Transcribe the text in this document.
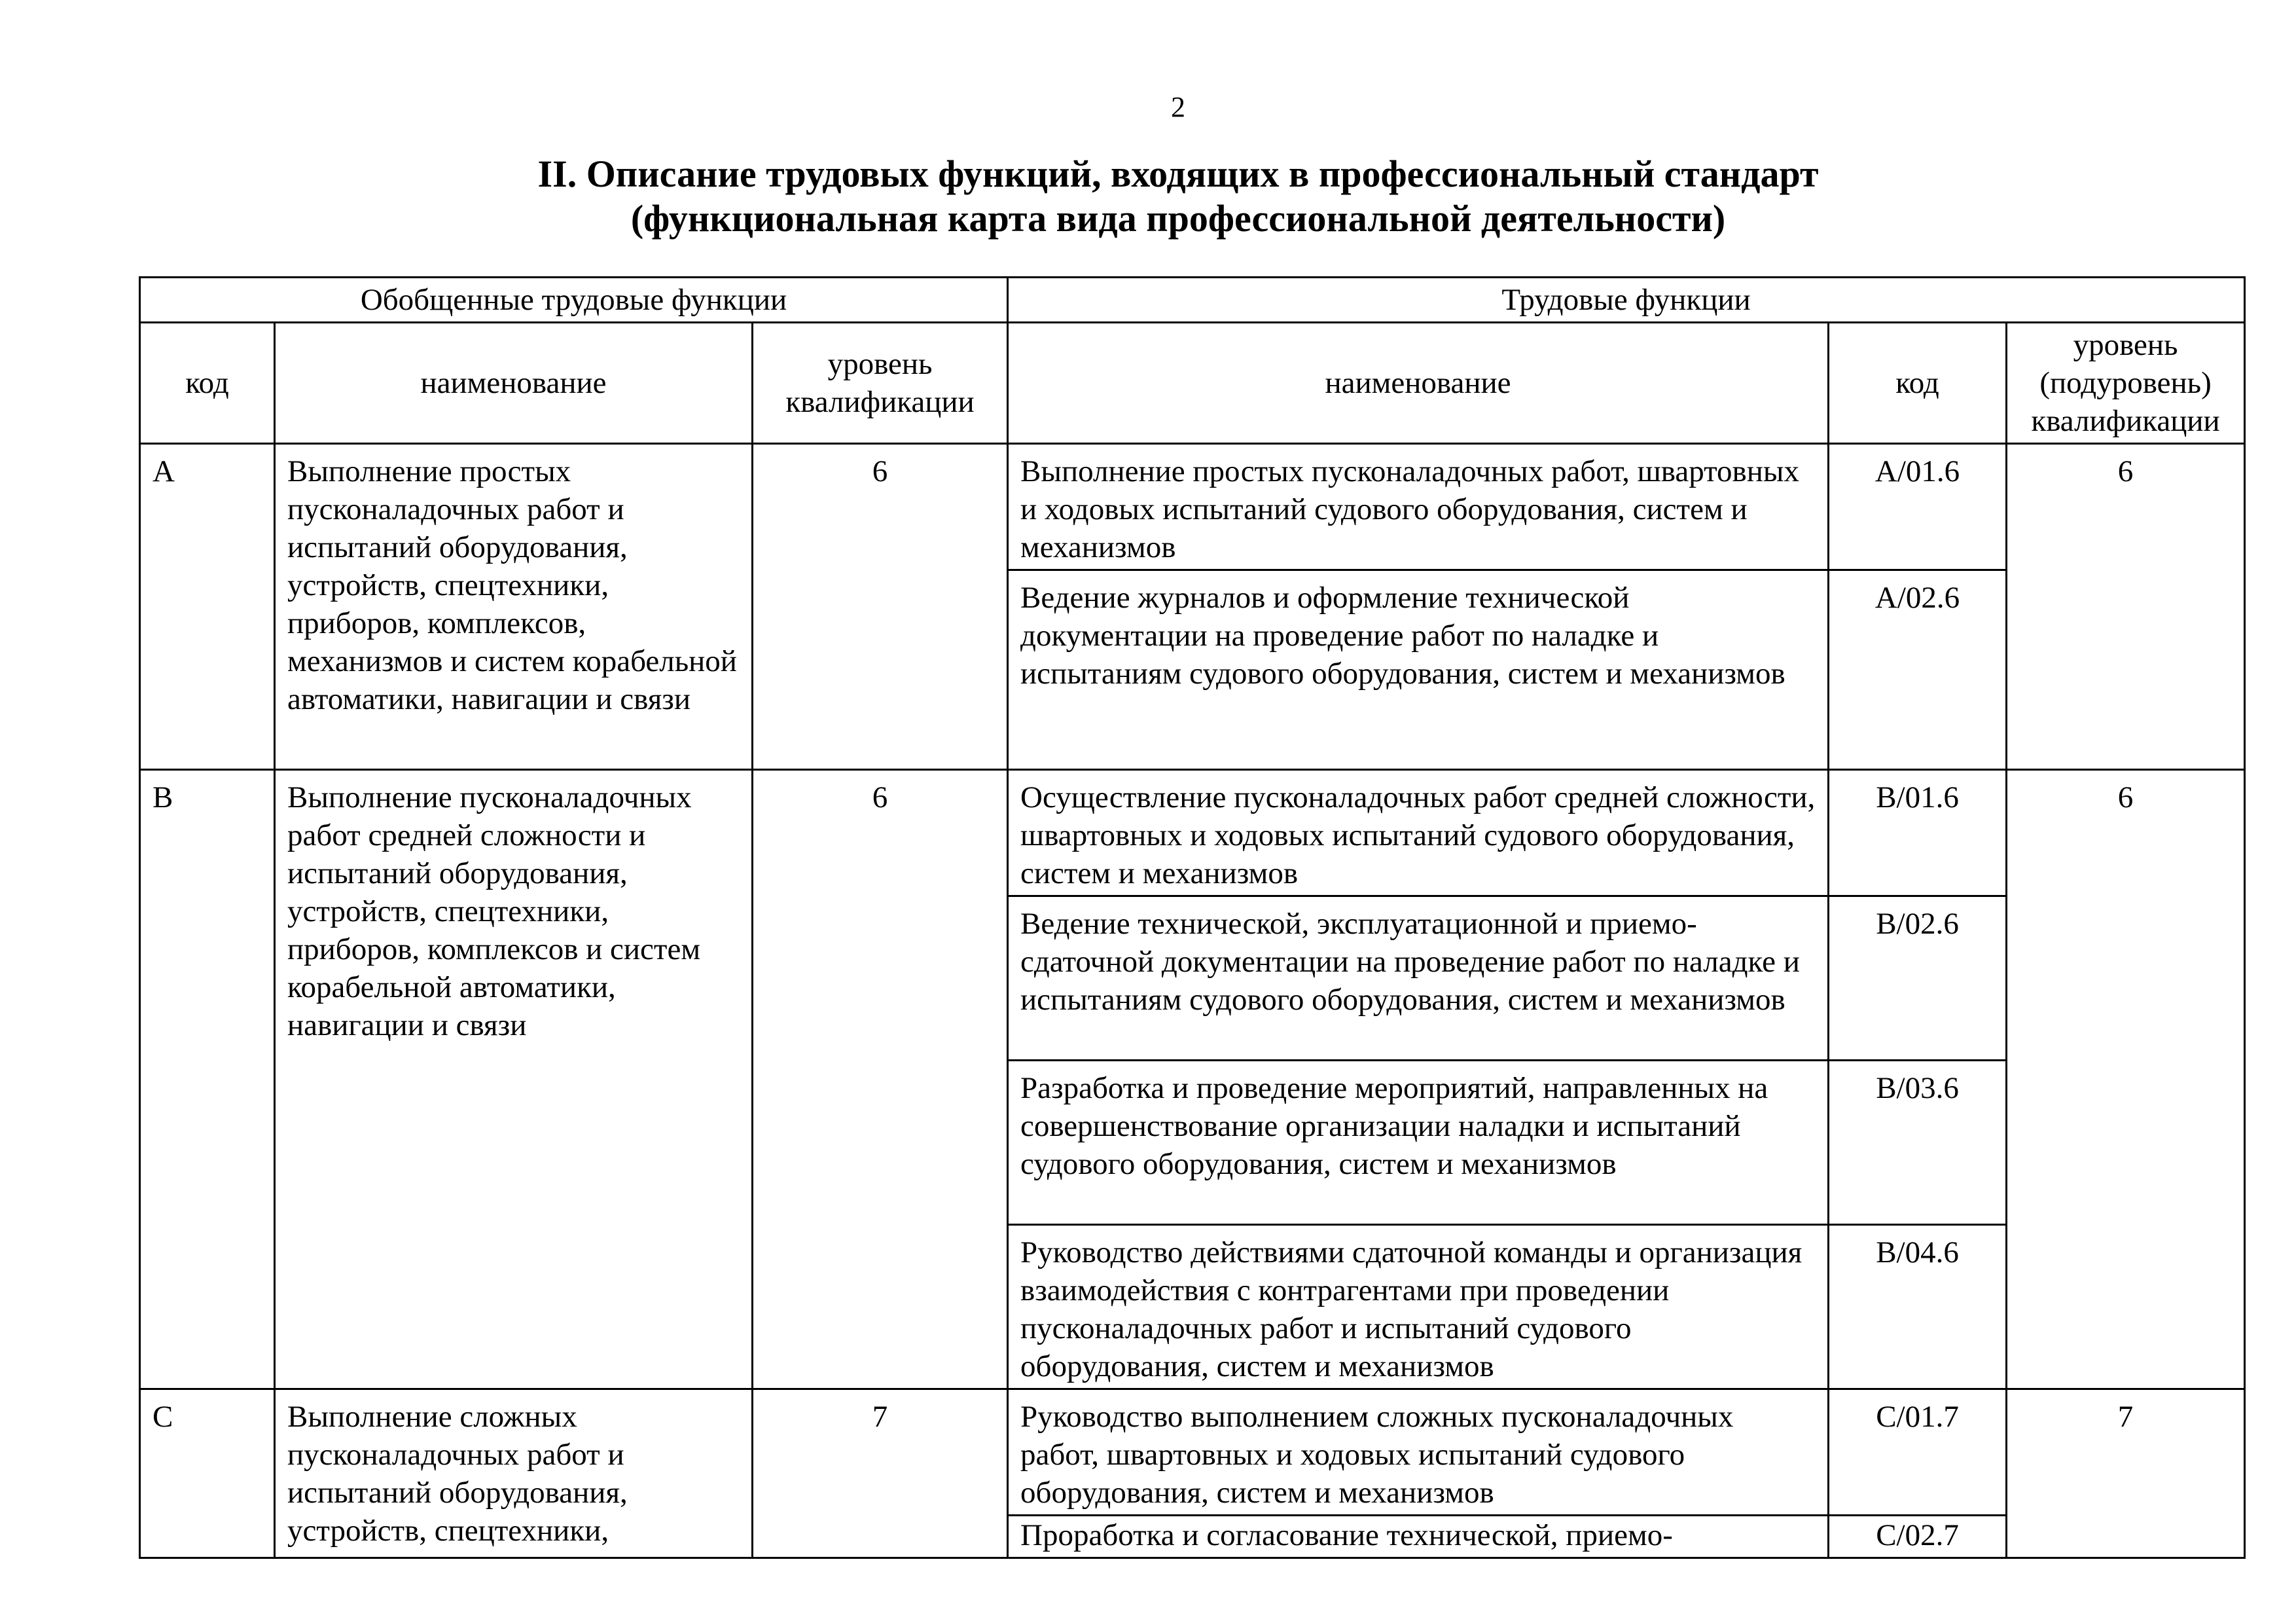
2
II. Описание трудовых функций, входящих в профессиональный стандарт
(функциональная карта вида профессиональной деятельности)
Обобщенные трудовые функции			Трудовые функции		
код	наименование	уровень квалификации	наименование	код	уровень (подуровень) квалификации
A	Выполнение простых пусконаладочных работ и испытаний оборудования, устройств, спецтехники, приборов, комплексов, механизмов и систем корабельной автоматики, навигации и связи	6	Выполнение простых пусконаладочных работ, швартовных и ходовых испытаний судового оборудования, систем и механизмов	A/01.6	6
			Ведение журналов и оформление технической документации на проведение работ по наладке и испытаниям судового оборудования, систем и механизмов	A/02.6	
B	Выполнение пусконаладочных работ средней сложности и испытаний оборудования, устройств, спецтехники, приборов, комплексов и систем корабельной автоматики, навигации и связи	6	Осуществление пусконаладочных работ средней сложности, швартовных и ходовых испытаний судового оборудования, систем и механизмов	B/01.6	6
			Ведение технической, эксплуатационной и приемо-сдаточной документации на проведение работ по наладке и испытаниям судового оборудования, систем и механизмов	B/02.6	
			Разработка и проведение мероприятий, направленных на совершенствование организации наладки и испытаний судового оборудования, систем и механизмов	B/03.6	
			Руководство действиями сдаточной команды и организация взаимодействия с контрагентами при проведении пусконаладочных работ и испытаний судового оборудования, систем и механизмов	B/04.6	
C	Выполнение сложных пусконаладочных работ и испытаний оборудования, устройств, спецтехники,	7	Руководство выполнением сложных пусконаладочных работ, швартовных и ходовых испытаний судового оборудования, систем и механизмов	C/01.7	7
			Проработка и согласование технической, приемо-	C/02.7	
